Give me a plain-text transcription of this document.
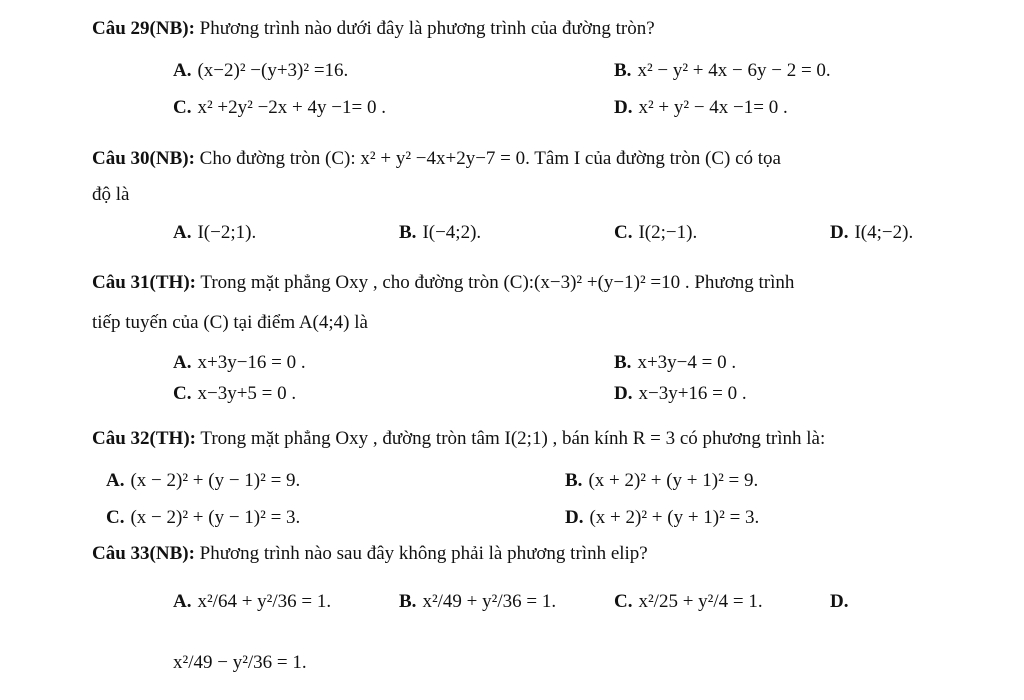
Câu 29(NB): Phương trình nào dưới đây là phương trình của đường tròn?
A. (x−2)² −(y+3)² =16.	B. x² − y² + 4x − 6y − 2 = 0.
C. x² +2y² −2x + 4y −1= 0 .	D. x² + y² − 4x −1= 0 .
Câu 30(NB): Cho đường tròn (C): x² + y² −4x+2y−7 = 0. Tâm I của đường tròn (C) có tọa
độ là
A. I(−2;1).	B. I(−4;2).	C. I(2;−1).	D. I(4;−2).
Câu 31(TH): Trong mặt phẳng Oxy , cho đường tròn (C):(x−3)² +(y−1)² =10 . Phương trình
tiếp tuyến của (C) tại điểm A(4;4) là
A. x+3y−16 = 0 .	B. x+3y−4 = 0 .
C. x−3y+5 = 0 .	D. x−3y+16 = 0 .
Câu 32(TH): Trong mặt phẳng Oxy , đường tròn tâm I(2;1) , bán kính R = 3 có phương trình là:
A. (x − 2)² + (y − 1)² = 9.	B. (x + 2)² + (y + 1)² = 9.
C. (x − 2)² + (y − 1)² = 3.	D. (x + 2)² + (y + 1)² = 3.
Câu 33(NB): Phương trình nào sau đây không phải là phương trình elip?
A. x²/64 + y²/36 = 1.	B. x²/49 + y²/36 = 1.	C. x²/25 + y²/4 = 1.	D.
x²/49 − y²/36 = 1.
